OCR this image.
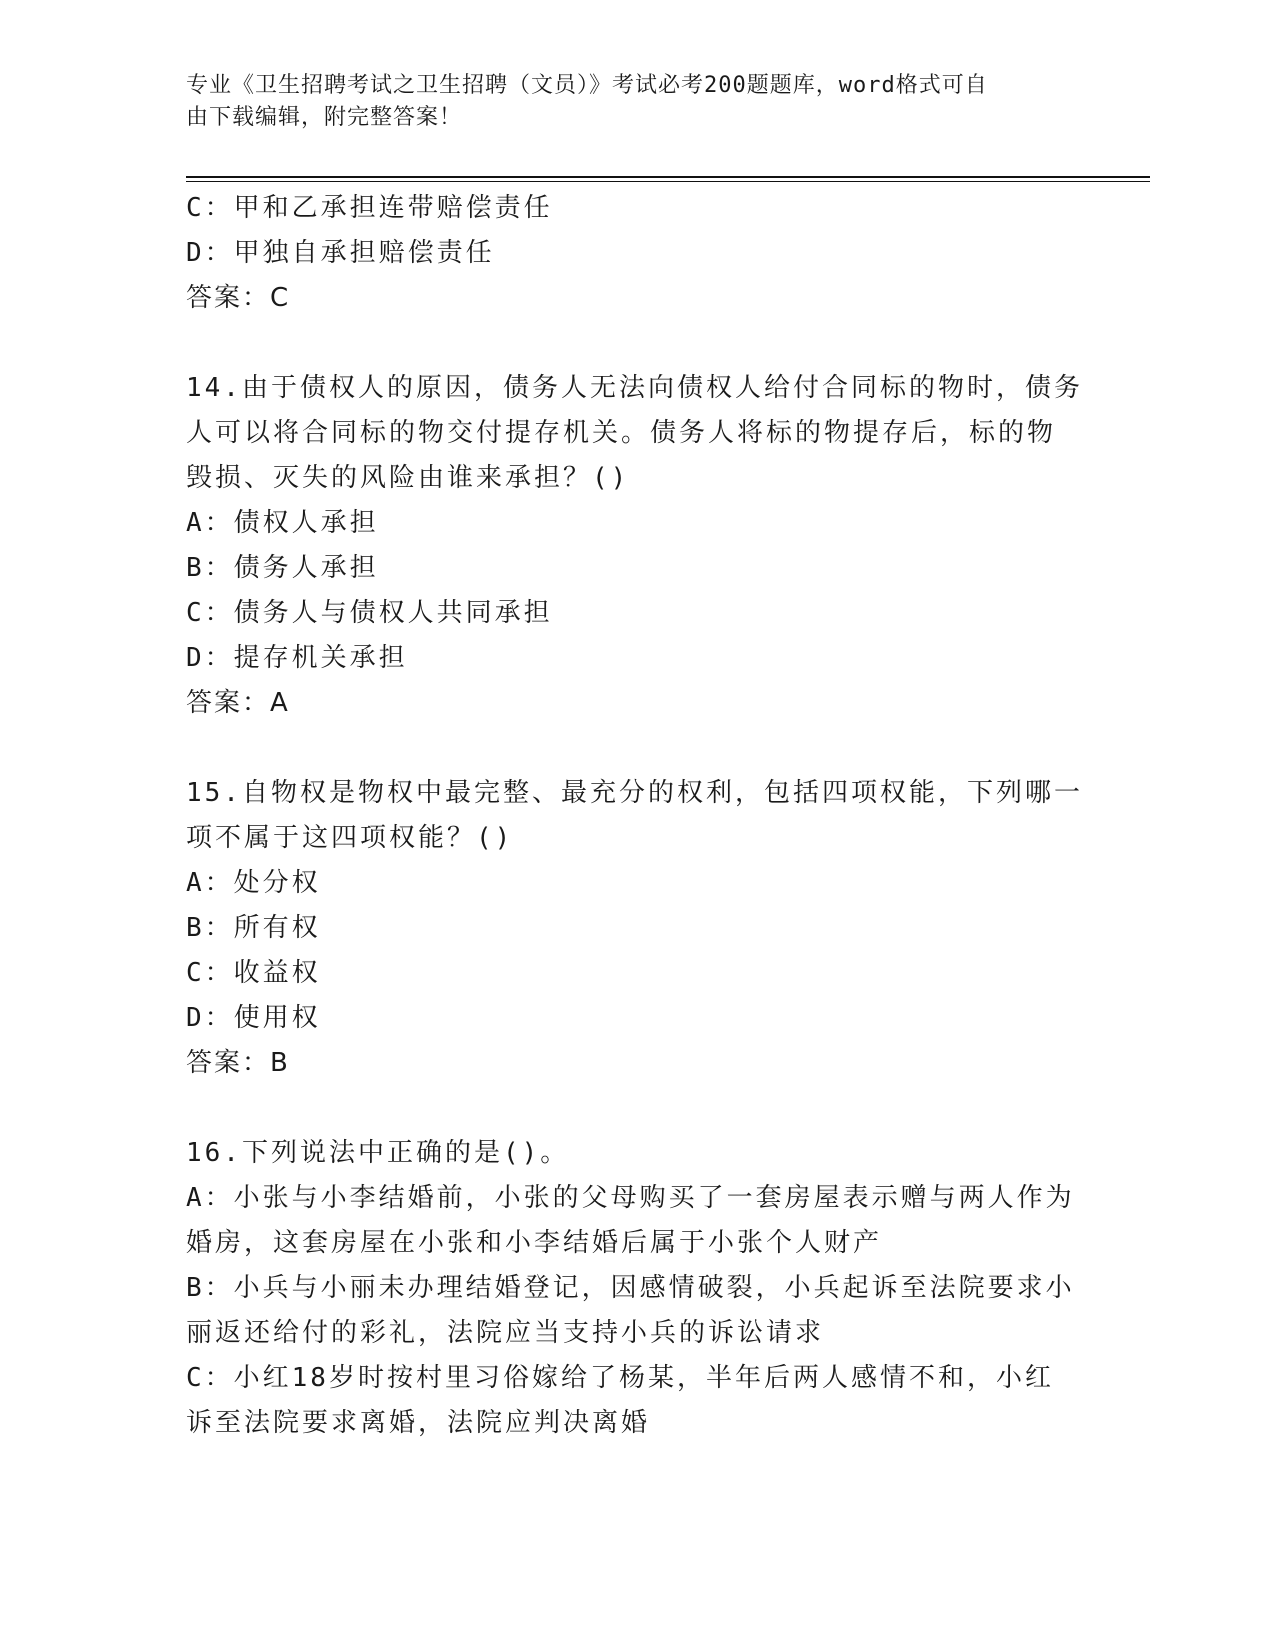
专业《卫生招聘考试之卫生招聘（文员）》考试必考200题题库，word格式可自
由下载编辑，附完整答案！
C：甲和乙承担连带赔偿责任
D：甲独自承担赔偿责任
答案：C
14.由于债权人的原因，债务人无法向债权人给付合同标的物时，债务
人可以将合同标的物交付提存机关。债务人将标的物提存后，标的物
毁损、灭失的风险由谁来承担？()
A：债权人承担
B：债务人承担
C：债务人与债权人共同承担
D：提存机关承担
答案：A
15.自物权是物权中最完整、最充分的权利，包括四项权能，下列哪一
项不属于这四项权能？()
A：处分权
B：所有权
C：收益权
D：使用权
答案：B
16.下列说法中正确的是()。
A：小张与小李结婚前，小张的父母购买了一套房屋表示赠与两人作为
婚房，这套房屋在小张和小李结婚后属于小张个人财产
B：小兵与小丽未办理结婚登记，因感情破裂，小兵起诉至法院要求小
丽返还给付的彩礼，法院应当支持小兵的诉讼请求
C：小红18岁时按村里习俗嫁给了杨某，半年后两人感情不和，小红
诉至法院要求离婚，法院应判决离婚
